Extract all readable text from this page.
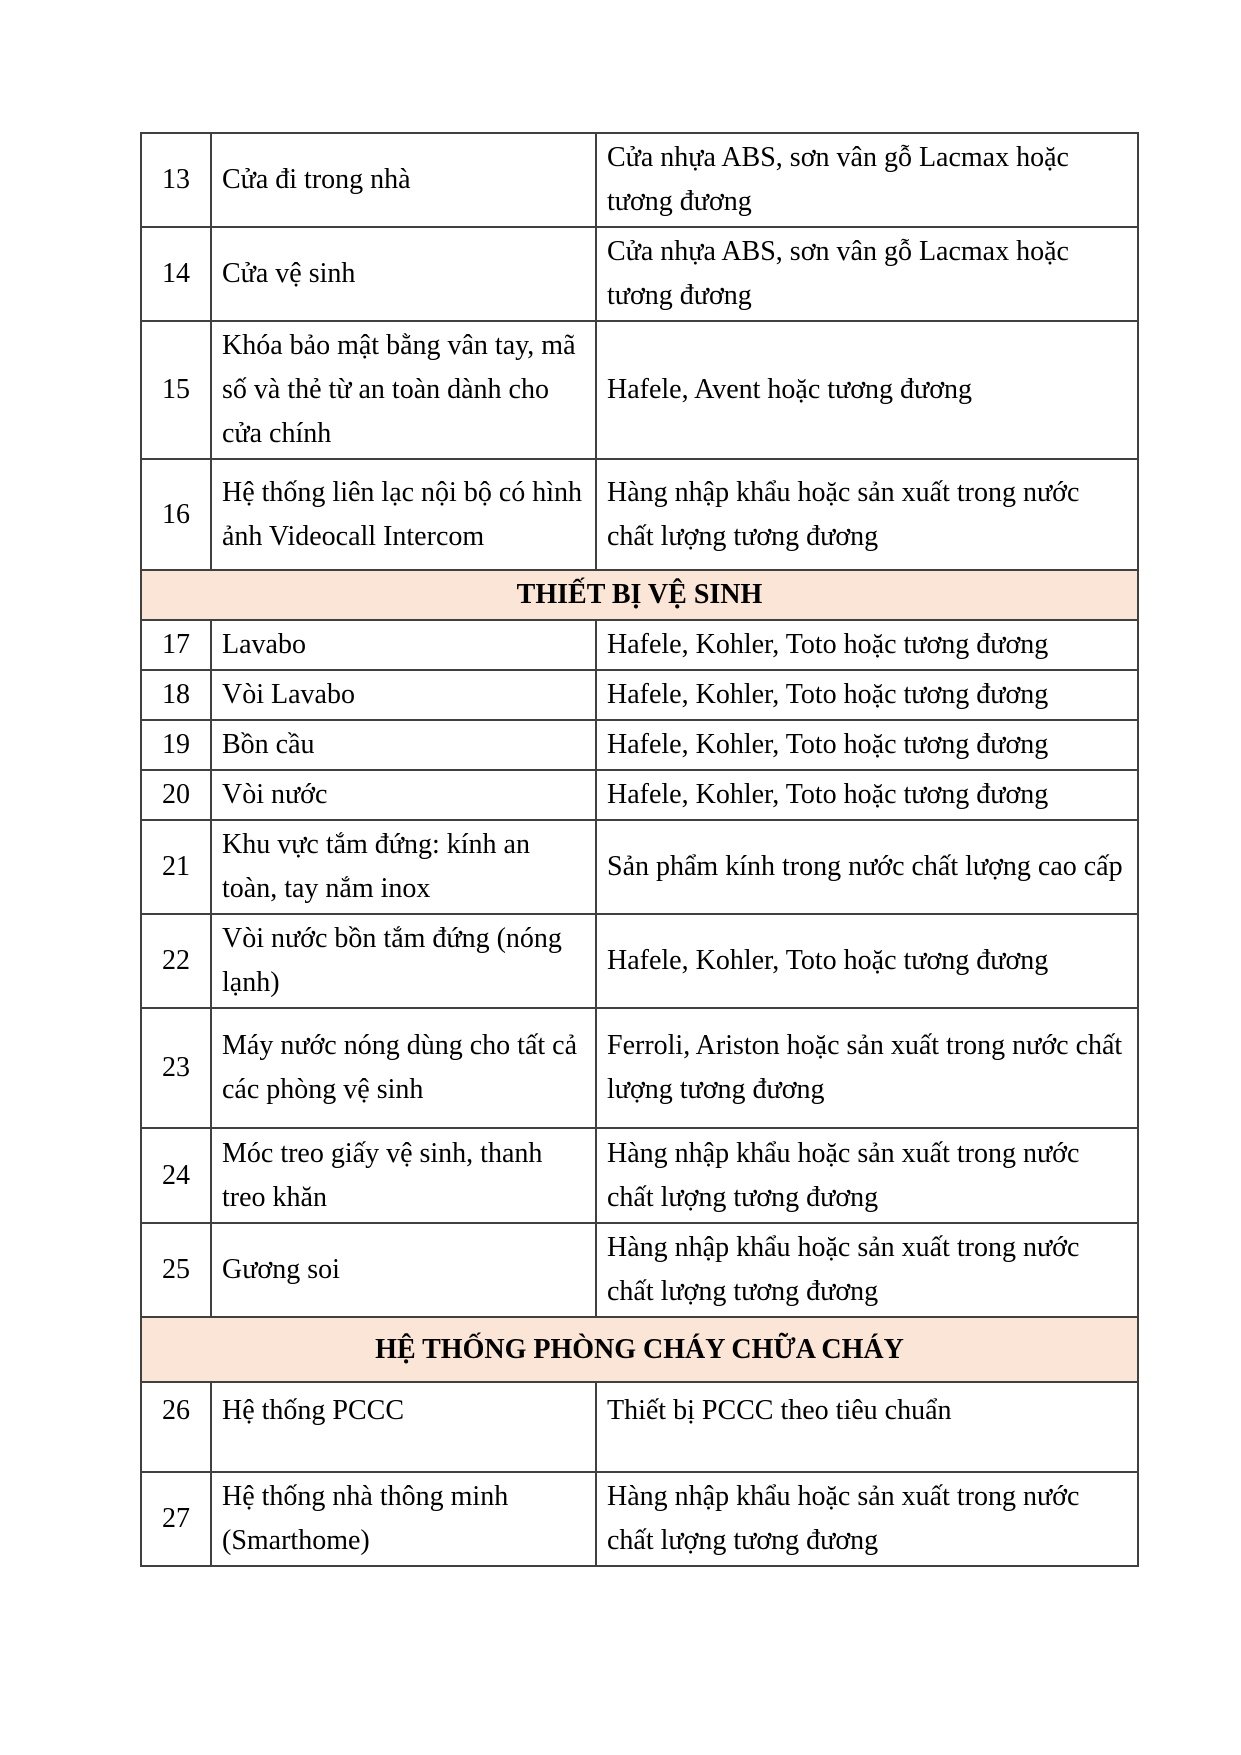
13	Cửa đi trong nhà	Cửa nhựa ABS, sơn vân gỗ Lacmax hoặc tương đương
14	Cửa vệ sinh	Cửa nhựa ABS, sơn vân gỗ Lacmax hoặc tương đương
15	Khóa bảo mật bằng vân tay, mã số và thẻ từ an toàn dành cho cửa chính	Hafele, Avent hoặc tương đương
16	Hệ thống liên lạc nội bộ có hình ảnh Videocall Intercom	Hàng nhập khẩu hoặc sản xuất trong nước chất lượng tương đương
THIẾT BỊ VỆ SINH		
17	Lavabo	Hafele, Kohler, Toto hoặc tương đương
18	Vòi Lavabo	Hafele, Kohler, Toto hoặc tương đương
19	Bồn cầu	Hafele, Kohler, Toto hoặc tương đương
20	Vòi nước	Hafele, Kohler, Toto hoặc tương đương
21	Khu vực tắm đứng: kính an toàn, tay nắm inox	Sản phẩm kính trong nước chất lượng cao cấp
22	Vòi nước bồn tắm đứng (nóng lạnh)	Hafele, Kohler, Toto hoặc tương đương
23	Máy nước nóng dùng cho tất cả các phòng vệ sinh	Ferroli, Ariston hoặc sản xuất trong nước chất lượng tương đương
24	Móc treo giấy vệ sinh, thanh treo khăn	Hàng nhập khẩu hoặc sản xuất trong nước chất lượng tương đương
25	Gương soi	Hàng nhập khẩu hoặc sản xuất trong nước chất lượng tương đương
HỆ THỐNG PHÒNG CHÁY CHỮA CHÁY		
26	Hệ thống PCCC	Thiết bị PCCC theo tiêu chuẩn
27	Hệ thống nhà thông minh (Smarthome)	Hàng nhập khẩu hoặc sản xuất trong nước chất lượng tương đương
